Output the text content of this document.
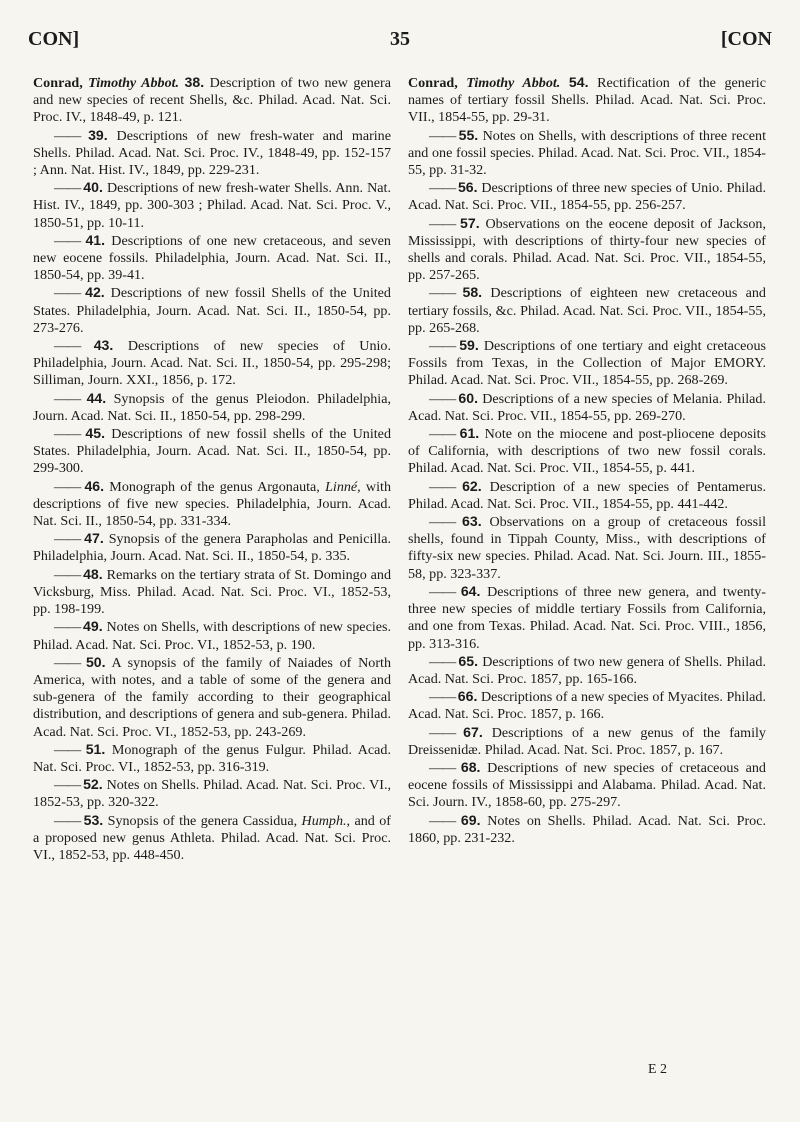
CON]	35	[CON

Conrad, Timothy Abbot. 38. Description of two new genera and new species of recent Shells, &c. Philad. Acad. Nat. Sci. Proc. IV., 1848-49, p. 121.

—— 39. Descriptions of new fresh-water and marine Shells. Philad. Acad. Nat. Sci. Proc. IV., 1848-49, pp. 152-157 ; Ann. Nat. Hist. IV., 1849, pp. 229-231.

—— 40. Descriptions of new fresh-water Shells. Ann. Nat. Hist. IV., 1849, pp. 300-303 ; Philad. Acad. Nat. Sci. Proc. V., 1850-51, pp. 10-11.

—— 41. Descriptions of one new cretaceous, and seven new eocene fossils. Philadelphia, Journ. Acad. Nat. Sci. II., 1850-54, pp. 39-41.

—— 42. Descriptions of new fossil Shells of the United States. Philadelphia, Journ. Acad. Nat. Sci. II., 1850-54, pp. 273-276.

—— 43. Descriptions of new species of Unio. Philadelphia, Journ. Acad. Nat. Sci. II., 1850-54, pp. 295-298; Silliman, Journ. XXI., 1856, p. 172.

—— 44. Synopsis of the genus Pleiodon. Philadelphia, Journ. Acad. Nat. Sci. II., 1850-54, pp. 298-299.

—— 45. Descriptions of new fossil shells of the United States. Philadelphia, Journ. Acad. Nat. Sci. II., 1850-54, pp. 299-300.

—— 46. Monograph of the genus Argonauta, Linné, with descriptions of five new species. Philadelphia, Journ. Acad. Nat. Sci. II., 1850-54, pp. 331-334.

—— 47. Synopsis of the genera Parapholas and Penicilla. Philadelphia, Journ. Acad. Nat. Sci. II., 1850-54, p. 335.

—— 48. Remarks on the tertiary strata of St. Domingo and Vicksburg, Miss. Philad. Acad. Nat. Sci. Proc. VI., 1852-53, pp. 198-199.

—— 49. Notes on Shells, with descriptions of new species. Philad. Acad. Nat. Sci. Proc. VI., 1852-53, p. 190.

—— 50. A synopsis of the family of Naiades of North America, with notes, and a table of some of the genera and sub-genera of the family according to their geographical distribution, and descriptions of genera and sub-genera. Philad. Acad. Nat. Sci. Proc. VI., 1852-53, pp. 243-269.

—— 51. Monograph of the genus Fulgur. Philad. Acad. Nat. Sci. Proc. VI., 1852-53, pp. 316-319.

—— 52. Notes on Shells. Philad. Acad. Nat. Sci. Proc. VI., 1852-53, pp. 320-322.

—— 53. Synopsis of the genera Cassidua, Humph., and of a proposed new genus Athleta. Philad. Acad. Nat. Sci. Proc. VI., 1852-53, pp. 448-450.

Conrad, Timothy Abbot. 54. Rectification of the generic names of tertiary fossil Shells. Philad. Acad. Nat. Sci. Proc. VII., 1854-55, pp. 29-31.

—— 55. Notes on Shells, with descriptions of three recent and one fossil species. Philad. Acad. Nat. Sci. Proc. VII., 1854-55, pp. 31-32.

—— 56. Descriptions of three new species of Unio. Philad. Acad. Nat. Sci. Proc. VII., 1854-55, pp. 256-257.

—— 57. Observations on the eocene deposit of Jackson, Mississippi, with descriptions of thirty-four new species of shells and corals. Philad. Acad. Nat. Sci. Proc. VII., 1854-55, pp. 257-265.

—— 58. Descriptions of eighteen new cretaceous and tertiary fossils, &c. Philad. Acad. Nat. Sci. Proc. VII., 1854-55, pp. 265-268.

—— 59. Descriptions of one tertiary and eight cretaceous Fossils from Texas, in the Collection of Major EMORY. Philad. Acad. Nat. Sci. Proc. VII., 1854-55, pp. 268-269.

—— 60. Descriptions of a new species of Melania. Philad. Acad. Nat. Sci. Proc. VII., 1854-55, pp. 269-270.

—— 61. Note on the miocene and post-pliocene deposits of California, with descriptions of two new fossil corals. Philad. Acad. Nat. Sci. Proc. VII., 1854-55, p. 441.

—— 62. Description of a new species of Pentamerus. Philad. Acad. Nat. Sci. Proc. VII., 1854-55, pp. 441-442.

—— 63. Observations on a group of cretaceous fossil shells, found in Tippah County, Miss., with descriptions of fifty-six new species. Philad. Acad. Nat. Sci. Journ. III., 1855-58, pp. 323-337.

—— 64. Descriptions of three new genera, and twenty-three new species of middle tertiary Fossils from California, and one from Texas. Philad. Acad. Nat. Sci. Proc. VIII., 1856, pp. 313-316.

—— 65. Descriptions of two new genera of Shells. Philad. Acad. Nat. Sci. Proc. 1857, pp. 165-166.

—— 66. Descriptions of a new species of Myacites. Philad. Acad. Nat. Sci. Proc. 1857, p. 166.

—— 67. Descriptions of a new genus of the family Dreissenidæ. Philad. Acad. Nat. Sci. Proc. 1857, p. 167.

—— 68. Descriptions of new species of cretaceous and eocene fossils of Mississippi and Alabama. Philad. Acad. Nat. Sci. Journ. IV., 1858-60, pp. 275-297.

—— 69. Notes on Shells. Philad. Acad. Nat. Sci. Proc. 1860, pp. 231-232.

E 2
